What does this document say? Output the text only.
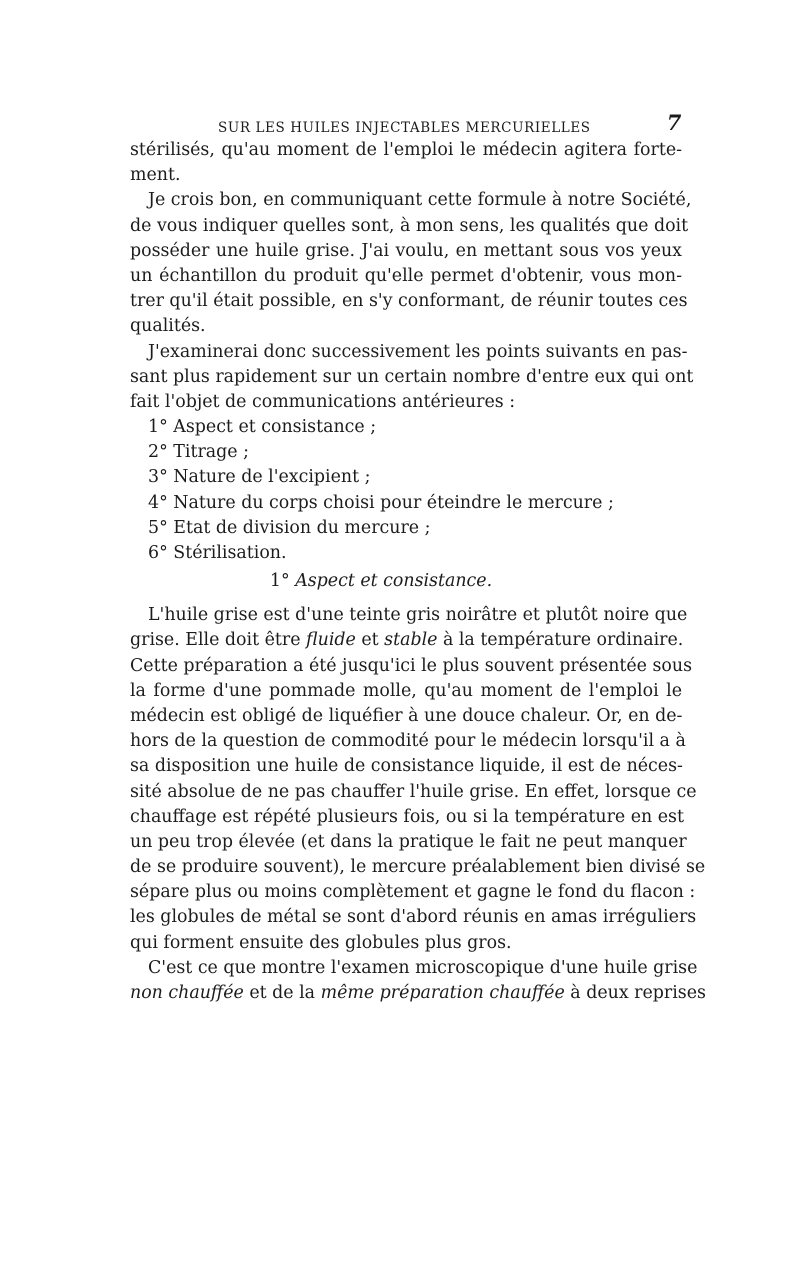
SUR LES HUILES INJECTABLES MERCURIELLES	7
stérilisés, qu'au moment de l'emploi le médecin agitera forte-
ment.
Je crois bon, en communiquant cette formule à notre Société,
de vous indiquer quelles sont, à mon sens, les qualités que doit
posséder une huile grise. J'ai voulu, en mettant sous vos yeux
un échantillon du produit qu'elle permet d'obtenir, vous mon-
trer qu'il était possible, en s'y conformant, de réunir toutes ces
qualités.
J'examinerai donc successivement les points suivants en pas-
sant plus rapidement sur un certain nombre d'entre eux qui ont
fait l'objet de communications antérieures :
1° Aspect et consistance ;
2° Titrage ;
3° Nature de l'excipient ;
4° Nature du corps choisi pour éteindre le mercure ;
5° Etat de division du mercure ;
6° Stérilisation.
1° Aspect et consistance.
L'huile grise est d'une teinte gris noirâtre et plutôt noire que
grise. Elle doit être fluide et stable à la température ordinaire.
Cette préparation a été jusqu'ici le plus souvent présentée sous
la forme d'une pommade molle, qu'au moment de l'emploi le
médecin est obligé de liquéfier à une douce chaleur. Or, en de-
hors de la question de commodité pour le médecin lorsqu'il a à
sa disposition une huile de consistance liquide, il est de néces-
sité absolue de ne pas chauffer l'huile grise. En effet, lorsque ce
chauffage est répété plusieurs fois, ou si la température en est
un peu trop élevée (et dans la pratique le fait ne peut manquer
de se produire souvent), le mercure préalablement bien divisé se
sépare plus ou moins complètement et gagne le fond du flacon :
les globules de métal se sont d'abord réunis en amas irréguliers
qui forment ensuite des globules plus gros.
C'est ce que montre l'examen microscopique d'une huile grise
non chauffée et de la même préparation chauffée à deux reprises
